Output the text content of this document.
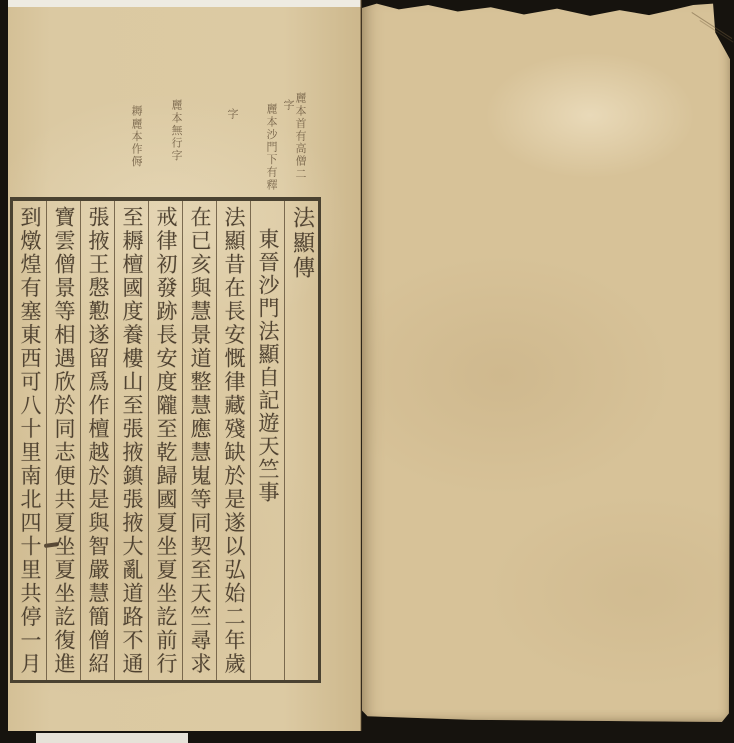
麗本首有高僧二
字
麗本沙門下有釋
字
麗本無行字
耨麗本作傉
法顯傳
東晉沙門法顯自記遊天竺事
法顯昔在長安慨律藏殘缺於是遂以弘始二年歲
在已亥與慧景道整慧應慧嵬等同契至天竺尋求
戒律初發跡長安度隴至乾歸國夏坐夏坐訖前行
至耨檀國度養樓山至張掖鎮張掖大亂道路不通
張掖王慇懃遂留爲作檀越於是與智嚴慧簡僧紹
寶雲僧景等相遇欣於同志便共夏坐夏坐訖復進
到燉煌有塞東西可八十里南北四十里共停一月
